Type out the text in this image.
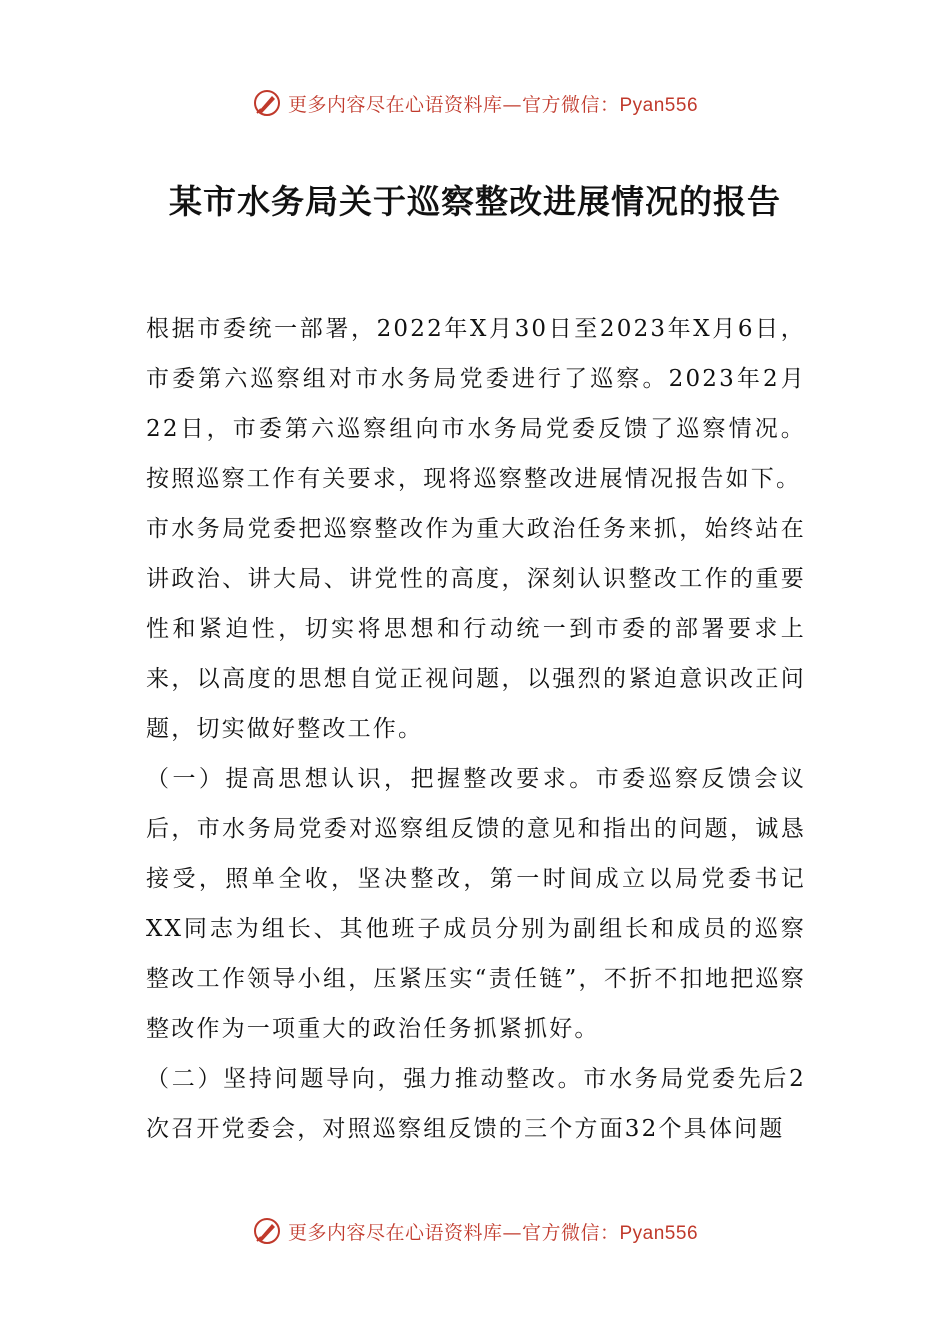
更多内容尽在心语资料库—官方微信：Pyan556
某市水务局关于巡察整改进展情况的报告

根据市委统一部署，2022年X月30日至2023年X月6日，市委第六巡察组对市水务局党委进行了巡察。2023年2月22日，市委第六巡察组向市水务局党委反馈了巡察情况。按照巡察工作有关要求，现将巡察整改进展情况报告如下。

市水务局党委把巡察整改作为重大政治任务来抓，始终站在讲政治、讲大局、讲党性的高度，深刻认识整改工作的重要性和紧迫性，切实将思想和行动统一到市委的部署要求上来，以高度的思想自觉正视问题，以强烈的紧迫意识改正问题，切实做好整改工作。

（一）提高思想认识，把握整改要求。市委巡察反馈会议后，市水务局党委对巡察组反馈的意见和指出的问题，诚恳接受，照单全收，坚决整改，第一时间成立以局党委书记XX同志为组长、其他班子成员分别为副组长和成员的巡察整改工作领导小组，压紧压实“责任链”，不折不扣地把巡察整改作为一项重大的政治任务抓紧抓好。

（二）坚持问题导向，强力推动整改。市水务局党委先后2次召开党委会，对照巡察组反馈的三个方面32个具体问题

更多内容尽在心语资料库—官方微信：Pyan556
